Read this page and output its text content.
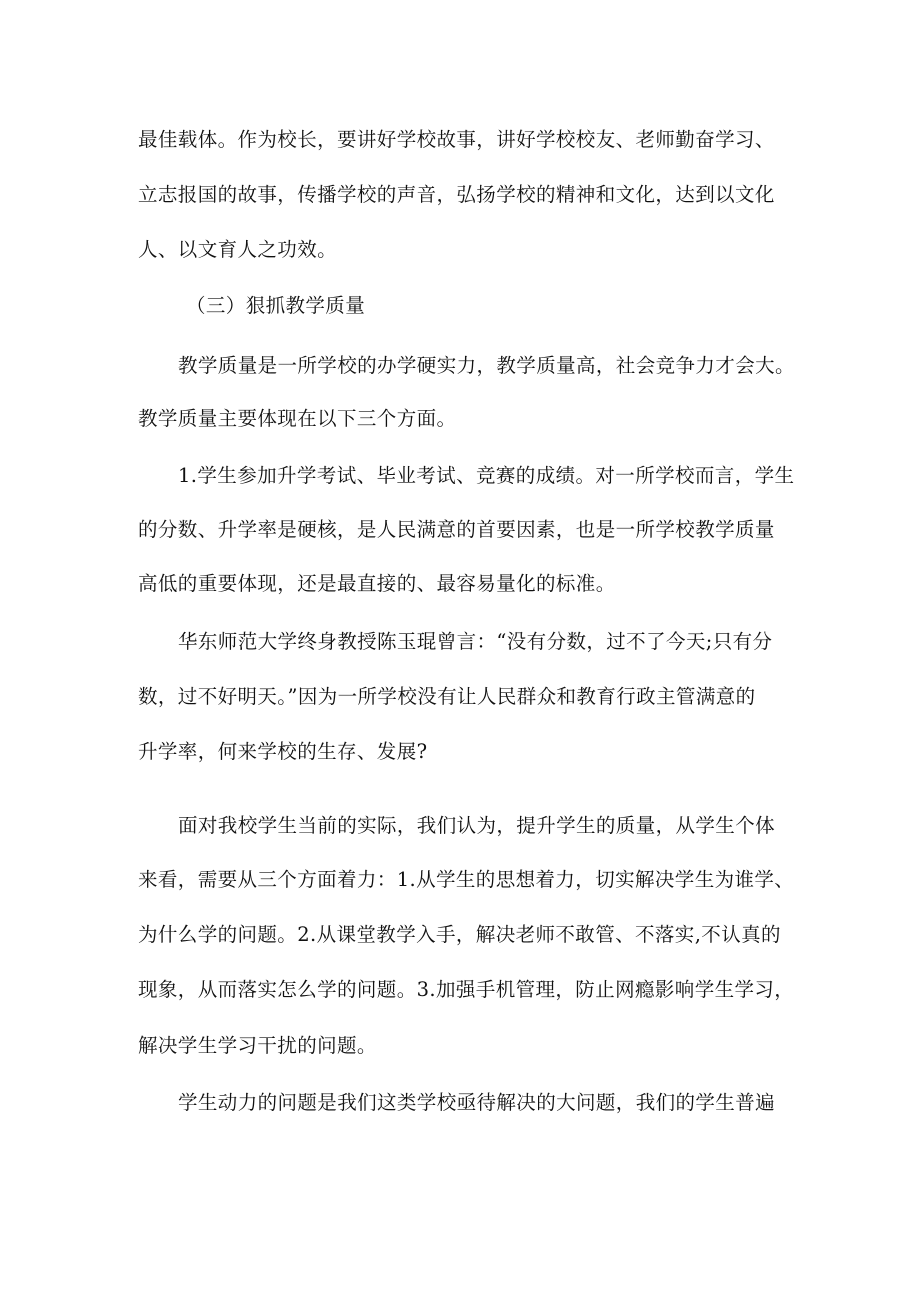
最佳载体。作为校长，要讲好学校故事，讲好学校校友、老师勤奋学习、
立志报国的故事，传播学校的声音，弘扬学校的精神和文化，达到以文化
人、以文育人之功效。
（三）狠抓教学质量
教学质量是一所学校的办学硬实力，教学质量高，社会竞争力才会大。
教学质量主要体现在以下三个方面。
1.学生参加升学考试、毕业考试、竞赛的成绩。对一所学校而言，学生
的分数、升学率是硬核，是人民满意的首要因素，也是一所学校教学质量
高低的重要体现，还是最直接的、最容易量化的标准。
华东师范大学终身教授陈玉琨曾言：“没有分数，过不了今天;只有分
数，过不好明天。”因为一所学校没有让人民群众和教育行政主管满意的
升学率，何来学校的生存、发展?
面对我校学生当前的实际，我们认为，提升学生的质量，从学生个体
来看，需要从三个方面着力：1.从学生的思想着力，切实解决学生为谁学、
为什么学的问题。2.从课堂教学入手，解决老师不敢管、不落实,不认真的
现象，从而落实怎么学的问题。3.加强手机管理，防止网瘾影响学生学习，
解决学生学习干扰的问题。
学生动力的问题是我们这类学校亟待解决的大问题，我们的学生普遍
